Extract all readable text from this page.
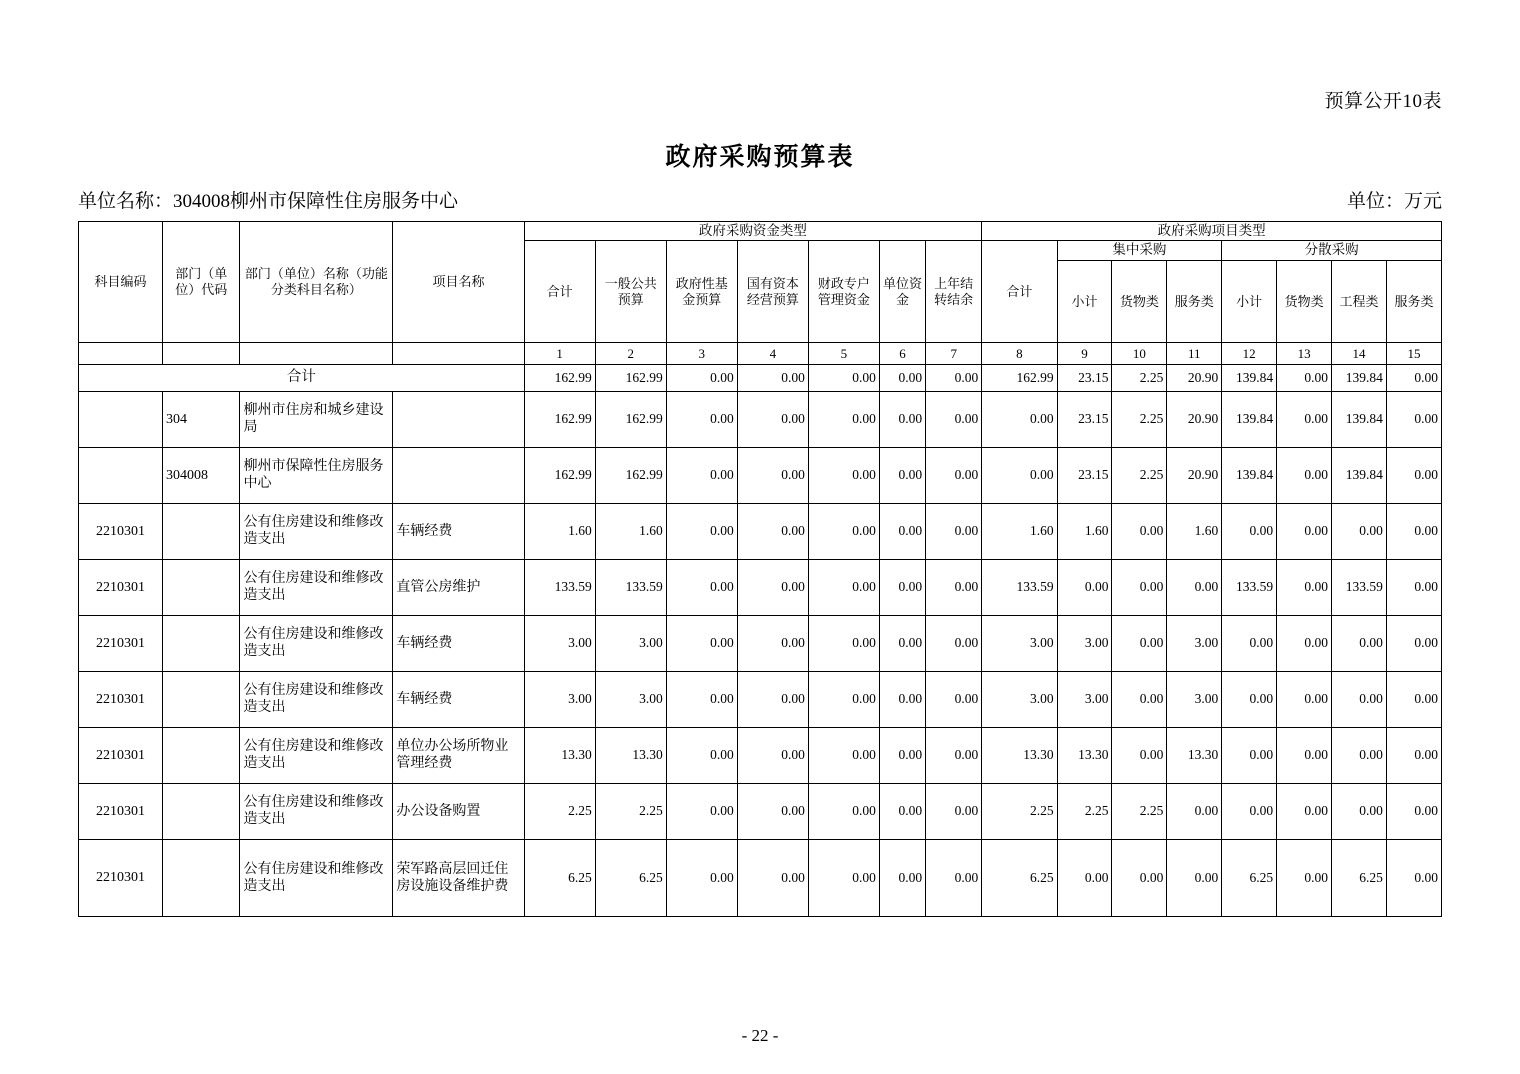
预算公开10表
政府采购预算表
单位名称：304008柳州市保障性住房服务中心	单位：万元
科目编码	部门（单位）代码	部门（单位）名称（功能分类科目名称）	项目名称	政府采购资金类型							政府采购项目类型							
				合计	一般公共预算	政府性基金预算	国有资本经营预算	财政专户管理资金	单位资金	上年结转结余	合计	集中采购			分散采购			
												小计	货物类	服务类	小计	货物类	工程类	服务类
				1	2	3	4	5	6	7	8	9	10	11	12	13	14	15
合计				162.99	162.99	0.00	0.00	0.00	0.00	0.00	162.99	23.15	2.25	20.90	139.84	0.00	139.84	0.00
	304	柳州市住房和城乡建设局		162.99	162.99	0.00	0.00	0.00	0.00	0.00	0.00	23.15	2.25	20.90	139.84	0.00	139.84	0.00
	304008	柳州市保障性住房服务中心		162.99	162.99	0.00	0.00	0.00	0.00	0.00	0.00	23.15	2.25	20.90	139.84	0.00	139.84	0.00
2210301		公有住房建设和维修改造支出	车辆经费	1.60	1.60	0.00	0.00	0.00	0.00	0.00	1.60	1.60	0.00	1.60	0.00	0.00	0.00	0.00
2210301		公有住房建设和维修改造支出	直管公房维护	133.59	133.59	0.00	0.00	0.00	0.00	0.00	133.59	0.00	0.00	0.00	133.59	0.00	133.59	0.00
2210301		公有住房建设和维修改造支出	车辆经费	3.00	3.00	0.00	0.00	0.00	0.00	0.00	3.00	3.00	0.00	3.00	0.00	0.00	0.00	0.00
2210301		公有住房建设和维修改造支出	车辆经费	3.00	3.00	0.00	0.00	0.00	0.00	0.00	3.00	3.00	0.00	3.00	0.00	0.00	0.00	0.00
2210301		公有住房建设和维修改造支出	单位办公场所物业管理经费	13.30	13.30	0.00	0.00	0.00	0.00	0.00	13.30	13.30	0.00	13.30	0.00	0.00	0.00	0.00
2210301		公有住房建设和维修改造支出	办公设备购置	2.25	2.25	0.00	0.00	0.00	0.00	0.00	2.25	2.25	2.25	0.00	0.00	0.00	0.00	0.00
2210301		公有住房建设和维修改造支出	荣军路高层回迁住房设施设备维护费	6.25	6.25	0.00	0.00	0.00	0.00	0.00	6.25	0.00	0.00	0.00	6.25	0.00	6.25	0.00
- 22 -
